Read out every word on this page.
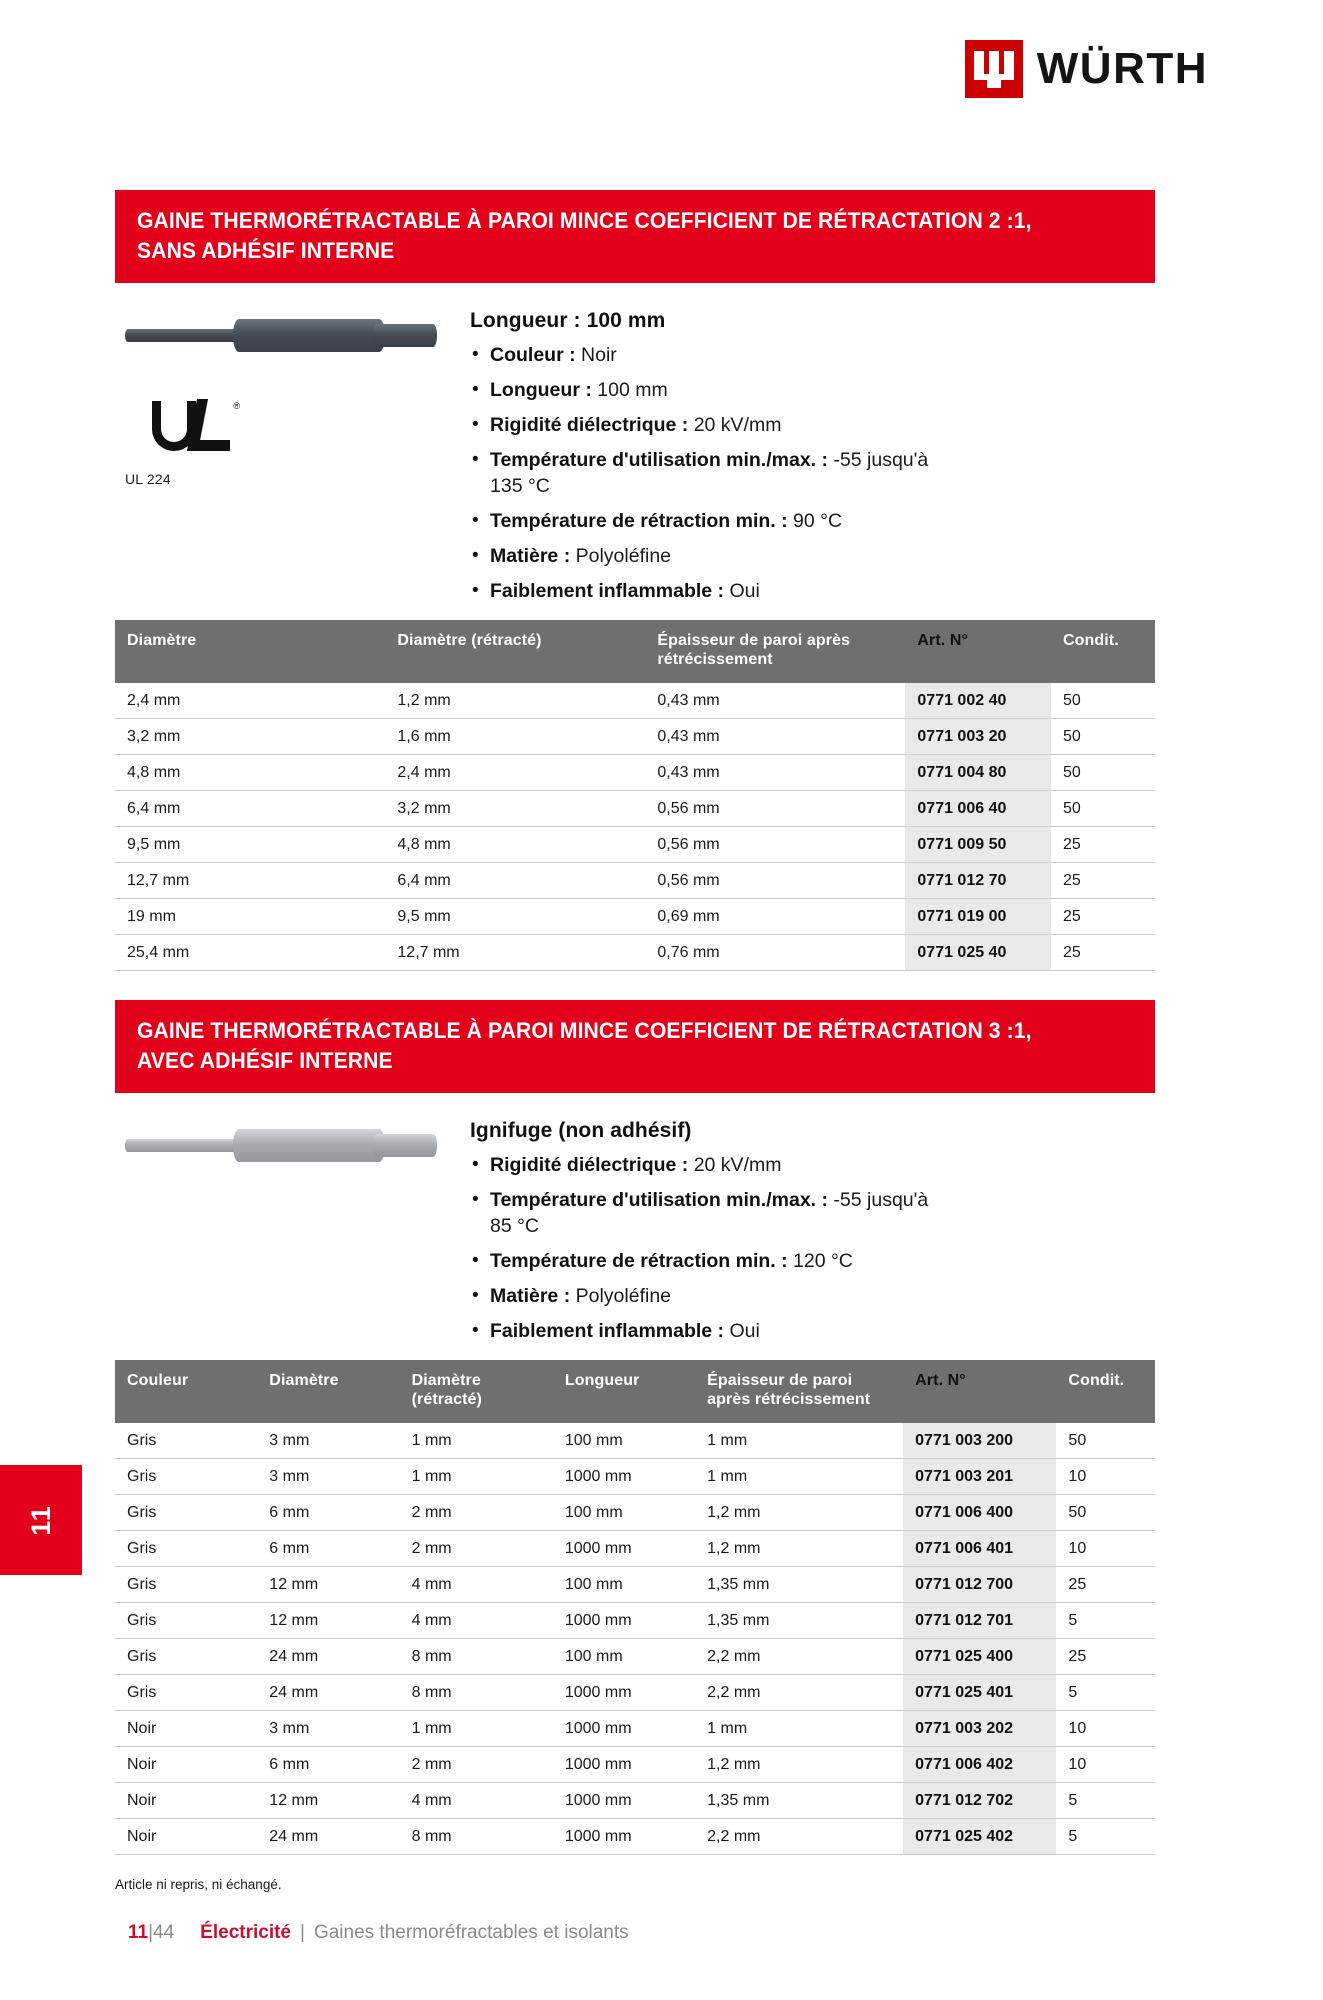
WÜRTH
GAINE THERMORÉTRACTABLE À PAROI MINCE COEFFICIENT DE RÉTRACTATION 2 :1,
SANS ADHÉSIF INTERNE
®
UL 224
Longueur : 100 mm
• Couleur : Noir
• Longueur : 100 mm
• Rigidité diélectrique : 20 kV/mm
• Température d'utilisation min./max. : -55 jusqu'à 135 °C
• Température de rétraction min. : 90 °C
• Matière : Polyoléfine
• Faiblement inflammable : Oui
Diamètre	Diamètre (rétracté)	Épaisseur de paroi après rétrécissement	Art. N°	Condit.
2,4 mm	1,2 mm	0,43 mm	0771 002 40	50
3,2 mm	1,6 mm	0,43 mm	0771 003 20	50
4,8 mm	2,4 mm	0,43 mm	0771 004 80	50
6,4 mm	3,2 mm	0,56 mm	0771 006 40	50
9,5 mm	4,8 mm	0,56 mm	0771 009 50	25
12,7 mm	6,4 mm	0,56 mm	0771 012 70	25
19 mm	9,5 mm	0,69 mm	0771 019 00	25
25,4 mm	12,7 mm	0,76 mm	0771 025 40	25
GAINE THERMORÉTRACTABLE À PAROI MINCE COEFFICIENT DE RÉTRACTATION 3 :1,
AVEC ADHÉSIF INTERNE
Ignifuge (non adhésif)
• Rigidité diélectrique : 20 kV/mm
• Température d'utilisation min./max. : -55 jusqu'à 85 °C
• Température de rétraction min. : 120 °C
• Matière : Polyoléfine
• Faiblement inflammable : Oui
Couleur	Diamètre	Diamètre (rétracté)	Longueur	Épaisseur de paroi après rétrécissement	Art. N°	Condit.
Gris	3 mm	1 mm	100 mm	1 mm	0771 003 200	50
Gris	3 mm	1 mm	1000 mm	1 mm	0771 003 201	10
Gris	6 mm	2 mm	100 mm	1,2 mm	0771 006 400	50
Gris	6 mm	2 mm	1000 mm	1,2 mm	0771 006 401	10
Gris	12 mm	4 mm	100 mm	1,35 mm	0771 012 700	25
Gris	12 mm	4 mm	1000 mm	1,35 mm	0771 012 701	5
Gris	24 mm	8 mm	100 mm	2,2 mm	0771 025 400	25
Gris	24 mm	8 mm	1000 mm	2,2 mm	0771 025 401	5
Noir	3 mm	1 mm	1000 mm	1 mm	0771 003 202	10
Noir	6 mm	2 mm	1000 mm	1,2 mm	0771 006 402	10
Noir	12 mm	4 mm	1000 mm	1,35 mm	0771 012 702	5
Noir	24 mm	8 mm	1000 mm	2,2 mm	0771 025 402	5
Article ni repris, ni échangé.
11
11 |44 Électricité | Gaines thermoréfractables et isolants
